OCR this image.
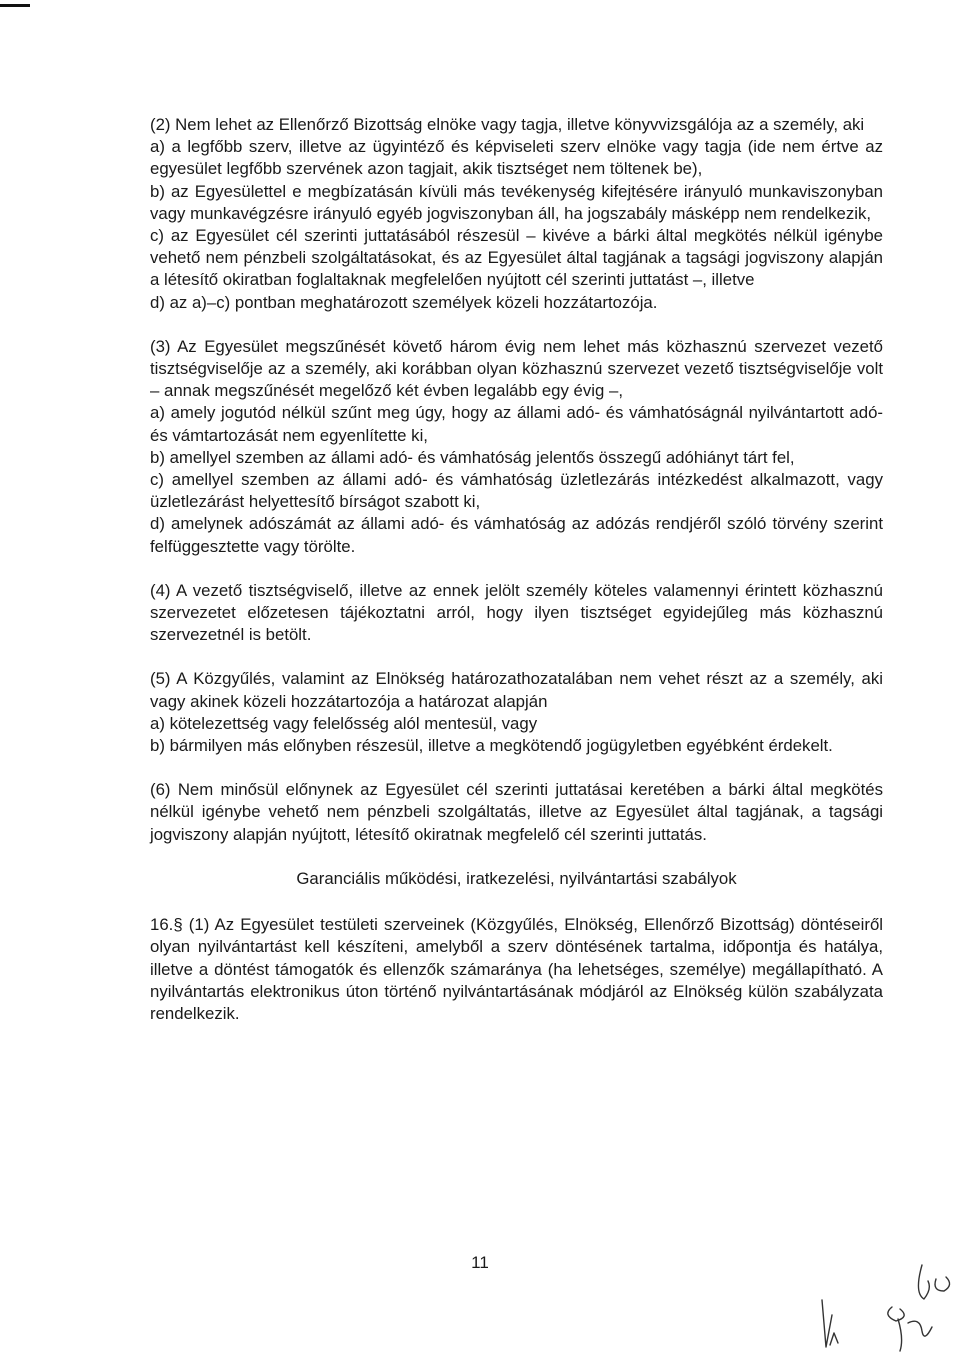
(2) Nem lehet az Ellenőrző Bizottság elnöke vagy tagja, illetve könyvvizsgálója az a személy, aki
a) a legfőbb szerv, illetve az ügyintéző és képviseleti szerv elnöke vagy tagja (ide nem értve az egyesület legfőbb szervének azon tagjait, akik tisztséget nem töltenek be),
b) az Egyesülettel e megbízatásán kívüli más tevékenység kifejtésére irányuló munkaviszonyban vagy munkavégzésre irányuló egyéb jogviszonyban áll, ha jogszabály másképp nem rendelkezik,
c) az Egyesület cél szerinti juttatásából részesül – kivéve a bárki által megkötés nélkül igénybe vehető nem pénzbeli szolgáltatásokat, és az Egyesület által tagjának a tagsági jogviszony alapján a létesítő okiratban foglaltaknak megfelelően nyújtott cél szerinti juttatást –, illetve
d) az a)–c) pontban meghatározott személyek közeli hozzátartozója.
(3) Az Egyesület megszűnését követő három évig nem lehet más közhasznú szervezet vezető tisztségviselője az a személy, aki korábban olyan közhasznú szervezet vezető tisztségviselője volt – annak megszűnését megelőző két évben legalább egy évig –,
a) amely jogutód nélkül szűnt meg úgy, hogy az állami adó- és vámhatóságnál nyilvántartott adó- és vámtartozását nem egyenlítette ki,
b) amellyel szemben az állami adó- és vámhatóság jelentős összegű adóhiányt tárt fel,
c) amellyel szemben az állami adó- és vámhatóság üzletlezárás intézkedést alkalmazott, vagy üzletlezárást helyettesítő bírságot szabott ki,
d) amelynek adószámát az állami adó- és vámhatóság az adózás rendjéről szóló törvény szerint felfüggesztette vagy törölte.
(4) A vezető tisztségviselő, illetve az ennek jelölt személy köteles valamennyi érintett közhasznú szervezetet előzetesen tájékoztatni arról, hogy ilyen tisztséget egyidejűleg más közhasznú szervezetnél is betölt.
(5) A Közgyűlés, valamint az Elnökség határozathozatalában nem vehet részt az a személy, aki vagy akinek közeli hozzátartozója a határozat alapján
a) kötelezettség vagy felelősség alól mentesül, vagy
b) bármilyen más előnyben részesül, illetve a megkötendő jogügyletben egyébként érdekelt.
(6) Nem minősül előnynek az Egyesület cél szerinti juttatásai keretében a bárki által megkötés nélkül igénybe vehető nem pénzbeli szolgáltatás, illetve az Egyesület által tagjának, a tagsági jogviszony alapján nyújtott, létesítő okiratnak megfelelő cél szerinti juttatás.
Garanciális működési, iratkezelési, nyilvántartási szabályok
16.§ (1) Az Egyesület testületi szerveinek (Közgyűlés, Elnökség, Ellenőrző Bizottság) döntéseiről olyan nyilvántartást kell készíteni, amelyből a szerv döntésének tartalma, időpontja és hatálya, illetve a döntést támogatók és ellenzők számaránya (ha lehetséges, személye) megállapítható. A nyilvántartás elektronikus úton történő nyilvántartásának módjáról az Elnökség külön szabályzata rendelkezik.
11
